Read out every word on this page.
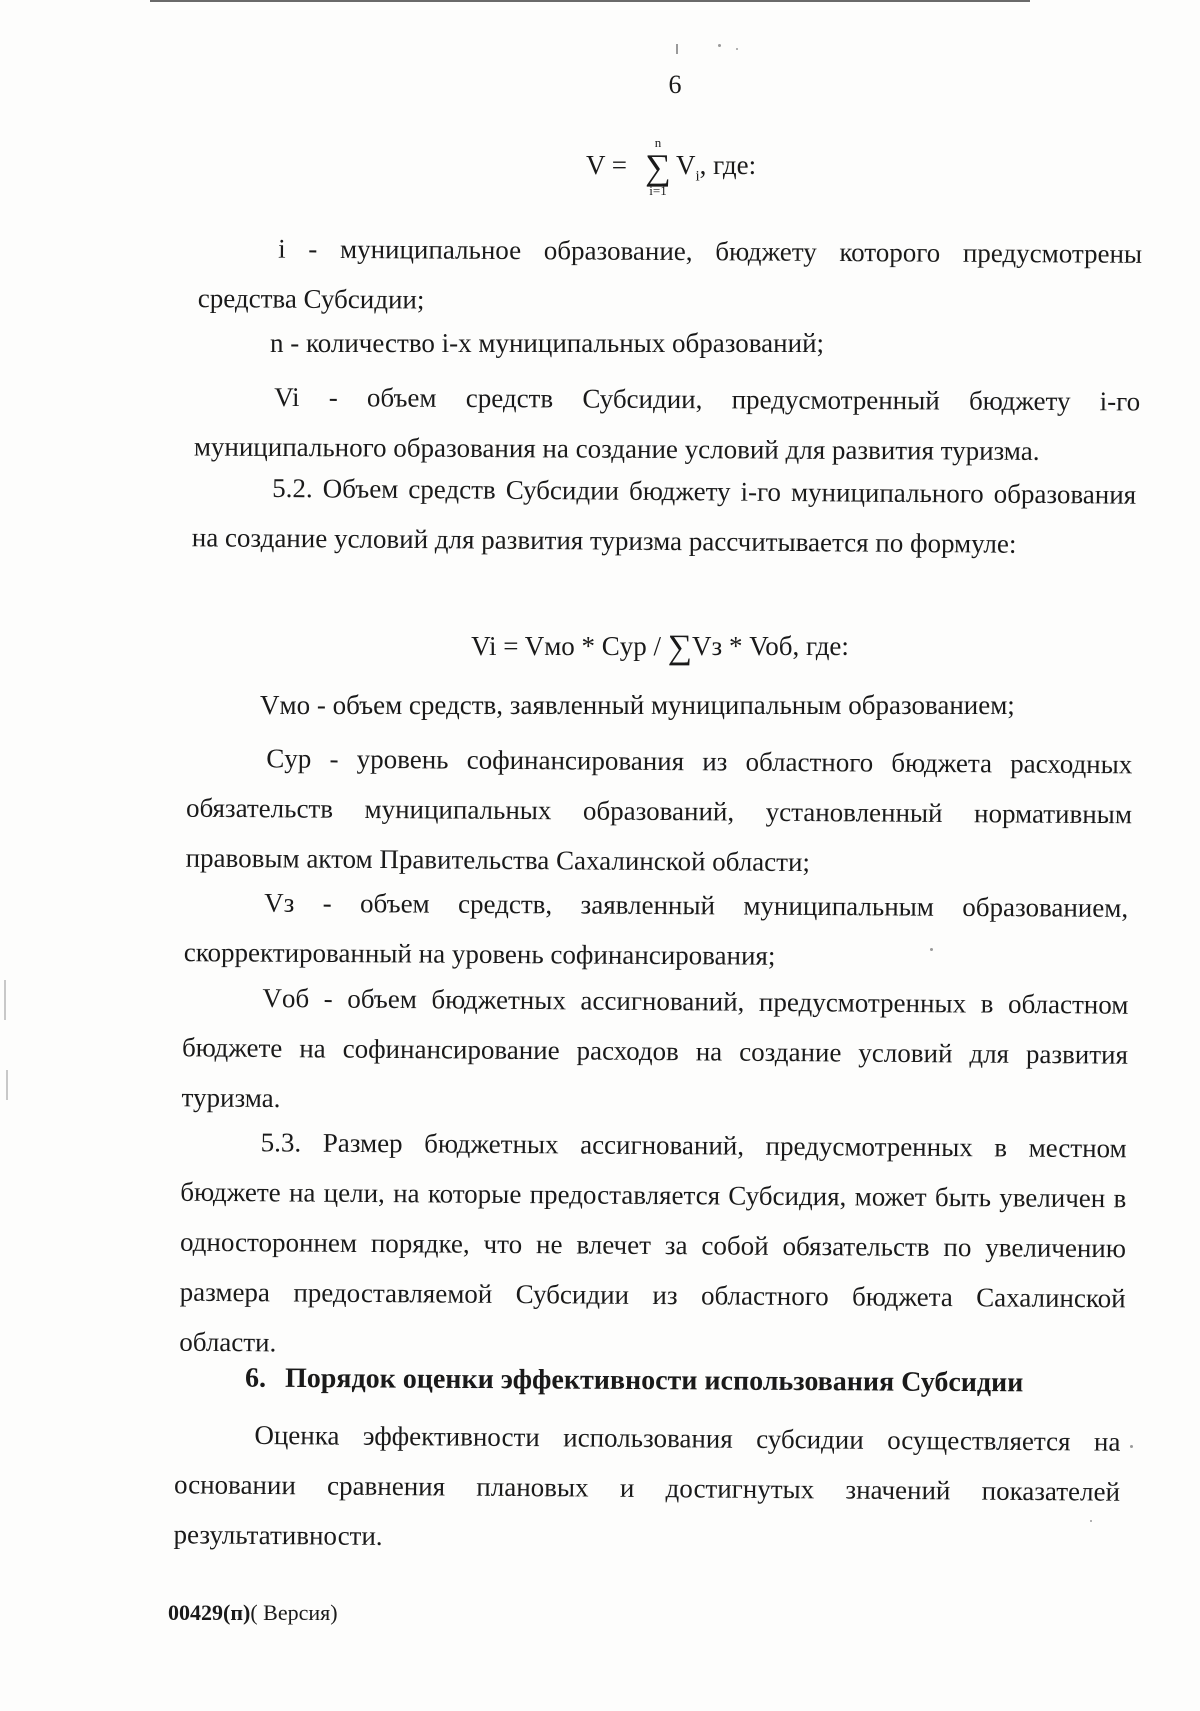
6
V =
n
∑
i=1
$V_i$, где:
i - муниципальное образование, бюджету которого предусмотрены средства Субсидии;
n - количество i-х муниципальных образований;
Vi - объем средств Субсидии, предусмотренный бюджету i-го муниципального образования на создание условий для развития туризма.
5.2. Объем средств Субсидии бюджету i-го муниципального образования на создание условий для развития туризма рассчитывается по формуле:
Vi = Vмо * Cур / ∑Vз * Voб, где:
Vмо - объем средств, заявленный муниципальным образованием;
Cур - уровень софинансирования из областного бюджета расходных обязательств муниципальных образований, установленный нормативным правовым актом Правительства Сахалинской области;
Vз - объем средств, заявленный муниципальным образованием, скорректированный на уровень софинансирования;
Vоб - объем бюджетных ассигнований, предусмотренных в областном бюджете на софинансирование расходов на создание условий для развития туризма.
5.3. Размер бюджетных ассигнований, предусмотренных в местном бюджете на цели, на которые предоставляется Субсидия, может быть увеличен в одностороннем порядке, что не влечет за собой обязательств по увеличению размера предоставляемой Субсидии из областного бюджета Сахалинской области.
6. Порядок оценки эффективности использования Субсидии
Оценка эффективности использования субсидии осуществляется на основании сравнения плановых и достигнутых значений показателей результативности.
00429(п)( Версия)
